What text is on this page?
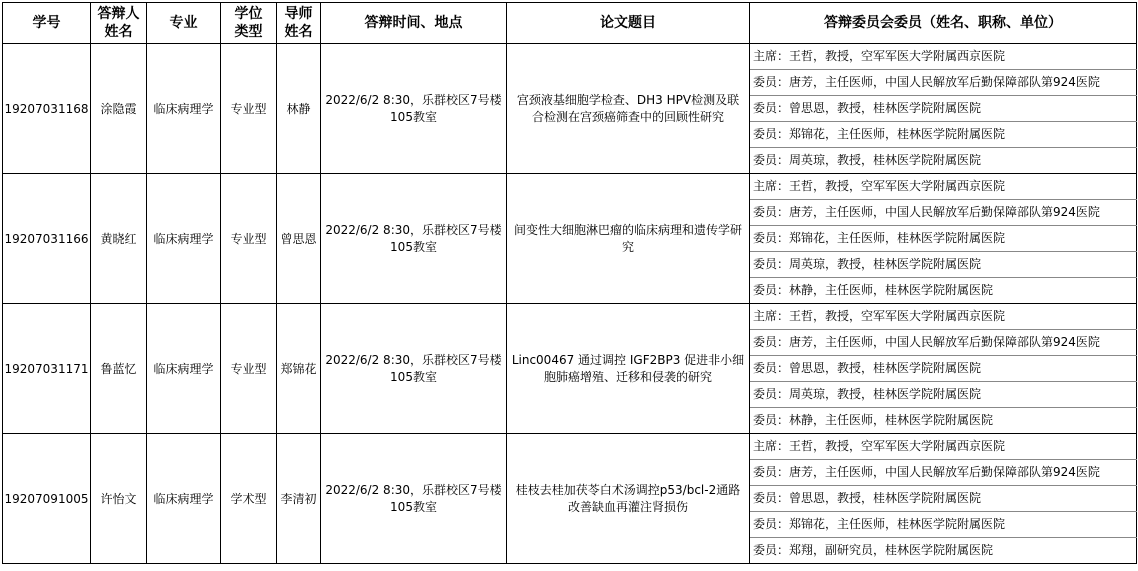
学号	答辩人姓名	专业	学位类型	导师姓名	答辩时间、地点	论文题目	答辩委员会委员（姓名、职称、单位）
19207031168	涂隐霞	临床病理学	专业型	林静	2022/6/2 8:30，乐群校区7号楼105教室	宫颈液基细胞学检查、DH3 HPV检测及联合检测在宫颈癌筛查中的回顾性研究	主席：王哲，教授，空军军医大学附属西京医院
							委员：唐芳，主任医师，中国人民解放军后勤保障部队第924医院
							委员：曾思恩，教授，桂林医学院附属医院
							委员：郑锦花，主任医师，桂林医学院附属医院
							委员：周英琼，教授，桂林医学院附属医院
19207031166	黄晓红	临床病理学	专业型	曾思恩	2022/6/2 8:30，乐群校区7号楼105教室	间变性大细胞淋巴瘤的临床病理和遗传学研究	主席：王哲，教授，空军军医大学附属西京医院
							委员：唐芳，主任医师，中国人民解放军后勤保障部队第924医院
							委员：郑锦花，主任医师，桂林医学院附属医院
							委员：周英琼，教授，桂林医学院附属医院
							委员：林静，主任医师，桂林医学院附属医院
19207031171	鲁蓝忆	临床病理学	专业型	郑锦花	2022/6/2 8:30，乐群校区7号楼105教室	Linc00467 通过调控 IGF2BP3 促进非小细胞肺癌增殖、迁移和侵袭的研究	主席：王哲，教授，空军军医大学附属西京医院
							委员：唐芳，主任医师，中国人民解放军后勤保障部队第924医院
							委员：曾思恩，教授，桂林医学院附属医院
							委员：周英琼，教授，桂林医学院附属医院
							委员：林静，主任医师，桂林医学院附属医院
19207091005	许怡文	临床病理学	学术型	李清初	2022/6/2 8:30，乐群校区7号楼105教室	桂枝去桂加茯苓白术汤调控p53/bcl-2通路改善缺血再灌注肾损伤	主席：王哲，教授，空军军医大学附属西京医院
							委员：唐芳，主任医师，中国人民解放军后勤保障部队第924医院
							委员：曾思恩，教授，桂林医学院附属医院
							委员：郑锦花，主任医师，桂林医学院附属医院
							委员：郑翔，副研究员，桂林医学院附属医院
